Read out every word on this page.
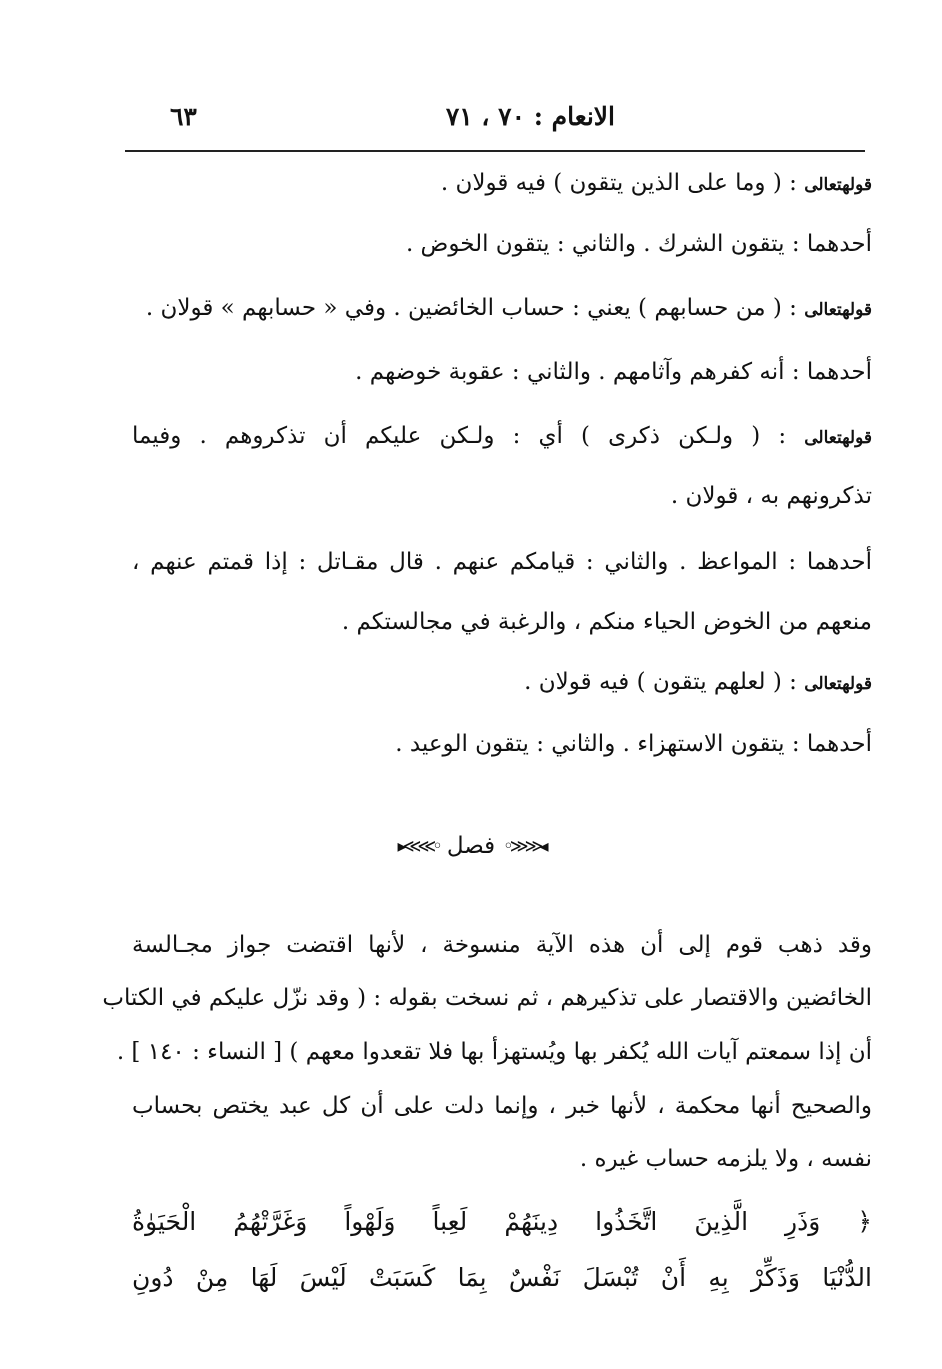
الانعام : ٧٠ ، ٧١
٦٣
قولهتعالى : ( وما على الذين يتقون ) فيه قولان .
أحدهما : يتقون الشرك . والثاني : يتقون الخوض .
قولهتعالى : ( من حسابهم ) يعني : حساب الخائضين . وفي « حسابهم » قولان .
أحدهما : أنه كفرهم وآثامهم . والثاني : عقوبة خوضهم .
قولهتعالى : ( ولـكن ذكرى ) أي : ولـكن عليكم أن تذكروهم . وفيما
تذكرونهم به ، قولان .
أحدهما : المواعظ . والثاني : قيامكم عنهم . قال مقـاتل : إذا قمتم عنهم ،
منعهم من الخوض الحياء منكم ، والرغبة في مجالستكم .
قولهتعالى : ( لعلهم يتقون ) فيه قولان .
أحدهما : يتقون الاستهزاء . والثاني : يتقون الوعيد .
◂≪≪◦فصل◦≫≫▸
وقد ذهب قوم إلى أن هذه الآية منسوخة ، لأنها اقتضت جواز مجـالسة
الخائضين والاقتصار على تذكيرهم ، ثم نسخت بقوله : ( وقد نزّل عليكم في الكتاب
أن إذا سمعتم آيات الله يُكفر بها ويُستهزأ بها فلا تقعدوا معهم ) [ النساء : ١٤٠ ] .
والصحيح أنها محكمة ، لأنها خبر ، وإنما دلت على أن كل عبد يختص بحساب
نفسه ، ولا يلزمه حساب غيره .
﴿ وَذَرِ الَّذِينَ اتَّخَذُوا دِينَهُمْ لَعِباً وَلَهْواً وَغَرَّتْهُمُ الْحَيَوٰةُ
الدُّنْيَا وَذَكِّرْ بِهِ أَنْ تُبْسَلَ نَفْسٌ بِمَا كَسَبَتْ لَيْسَ لَهَا مِنْ دُونِ
